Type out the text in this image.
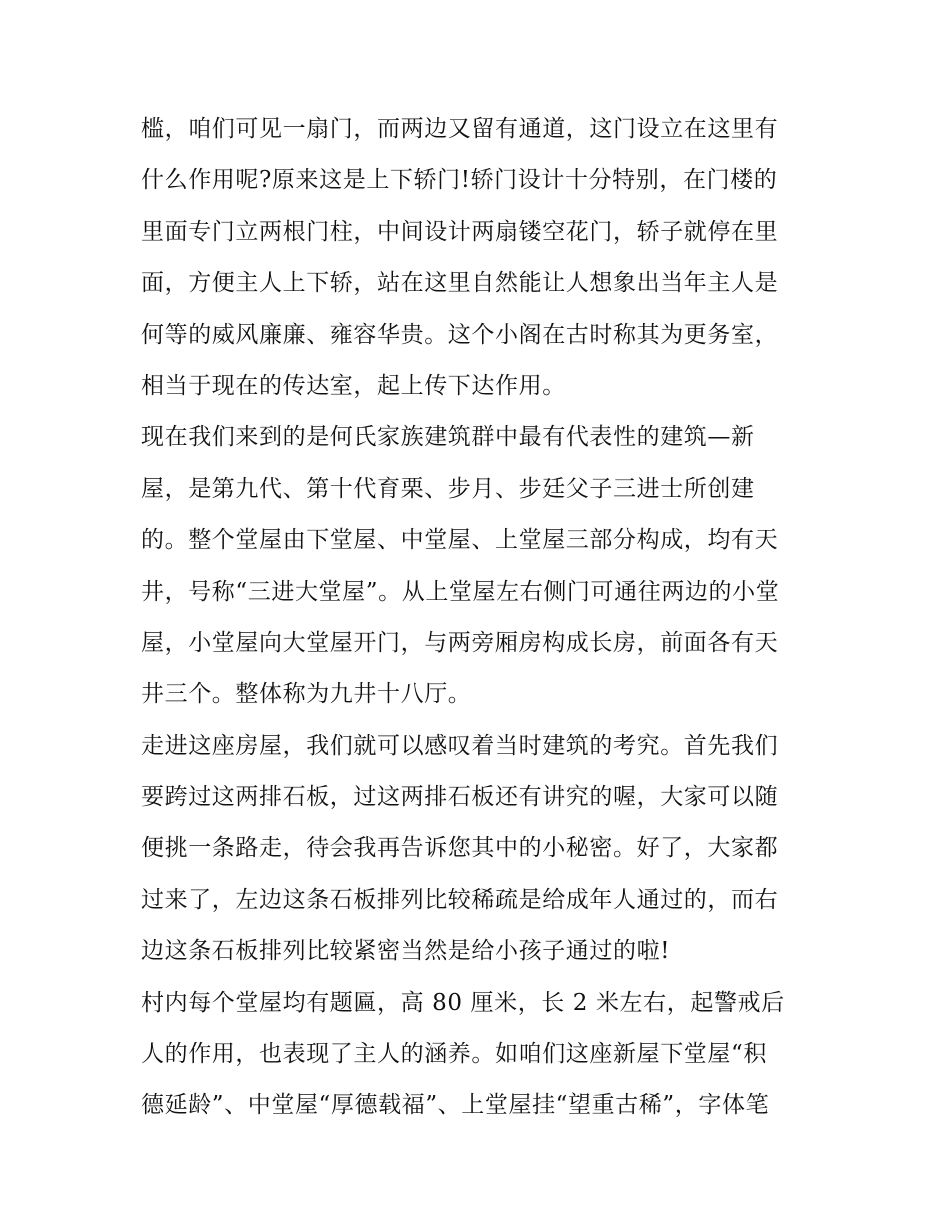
槛，咱们可见一扇门，而两边又留有通道，这门设立在这里有
什么作用呢?原来这是上下轿门!轿门设计十分特别，在门楼的
里面专门立两根门柱，中间设计两扇镂空花门，轿子就停在里
面，方便主人上下轿，站在这里自然能让人想象出当年主人是
何等的威风廉廉、雍容华贵。这个小阁在古时称其为更务室，
相当于现在的传达室，起上传下达作用。
现在我们来到的是何氏家族建筑群中最有代表性的建筑—新
屋，是第九代、第十代育栗、步月、步廷父子三进士所创建
的。整个堂屋由下堂屋、中堂屋、上堂屋三部分构成，均有天
井，号称“三进大堂屋”。从上堂屋左右侧门可通往两边的小堂
屋，小堂屋向大堂屋开门，与两旁厢房构成长房，前面各有天
井三个。整体称为九井十八厅。
走进这座房屋，我们就可以感叹着当时建筑的考究。首先我们
要跨过这两排石板，过这两排石板还有讲究的喔，大家可以随
便挑一条路走，待会我再告诉您其中的小秘密。好了，大家都
过来了，左边这条石板排列比较稀疏是给成年人通过的，而右
边这条石板排列比较紧密当然是给小孩子通过的啦!
村内每个堂屋均有题匾，高 80 厘米，长 2 米左右，起警戒后
人的作用，也表现了主人的涵养。如咱们这座新屋下堂屋“积
德延龄”、中堂屋“厚德载福”、上堂屋挂“望重古稀”，字体笔
